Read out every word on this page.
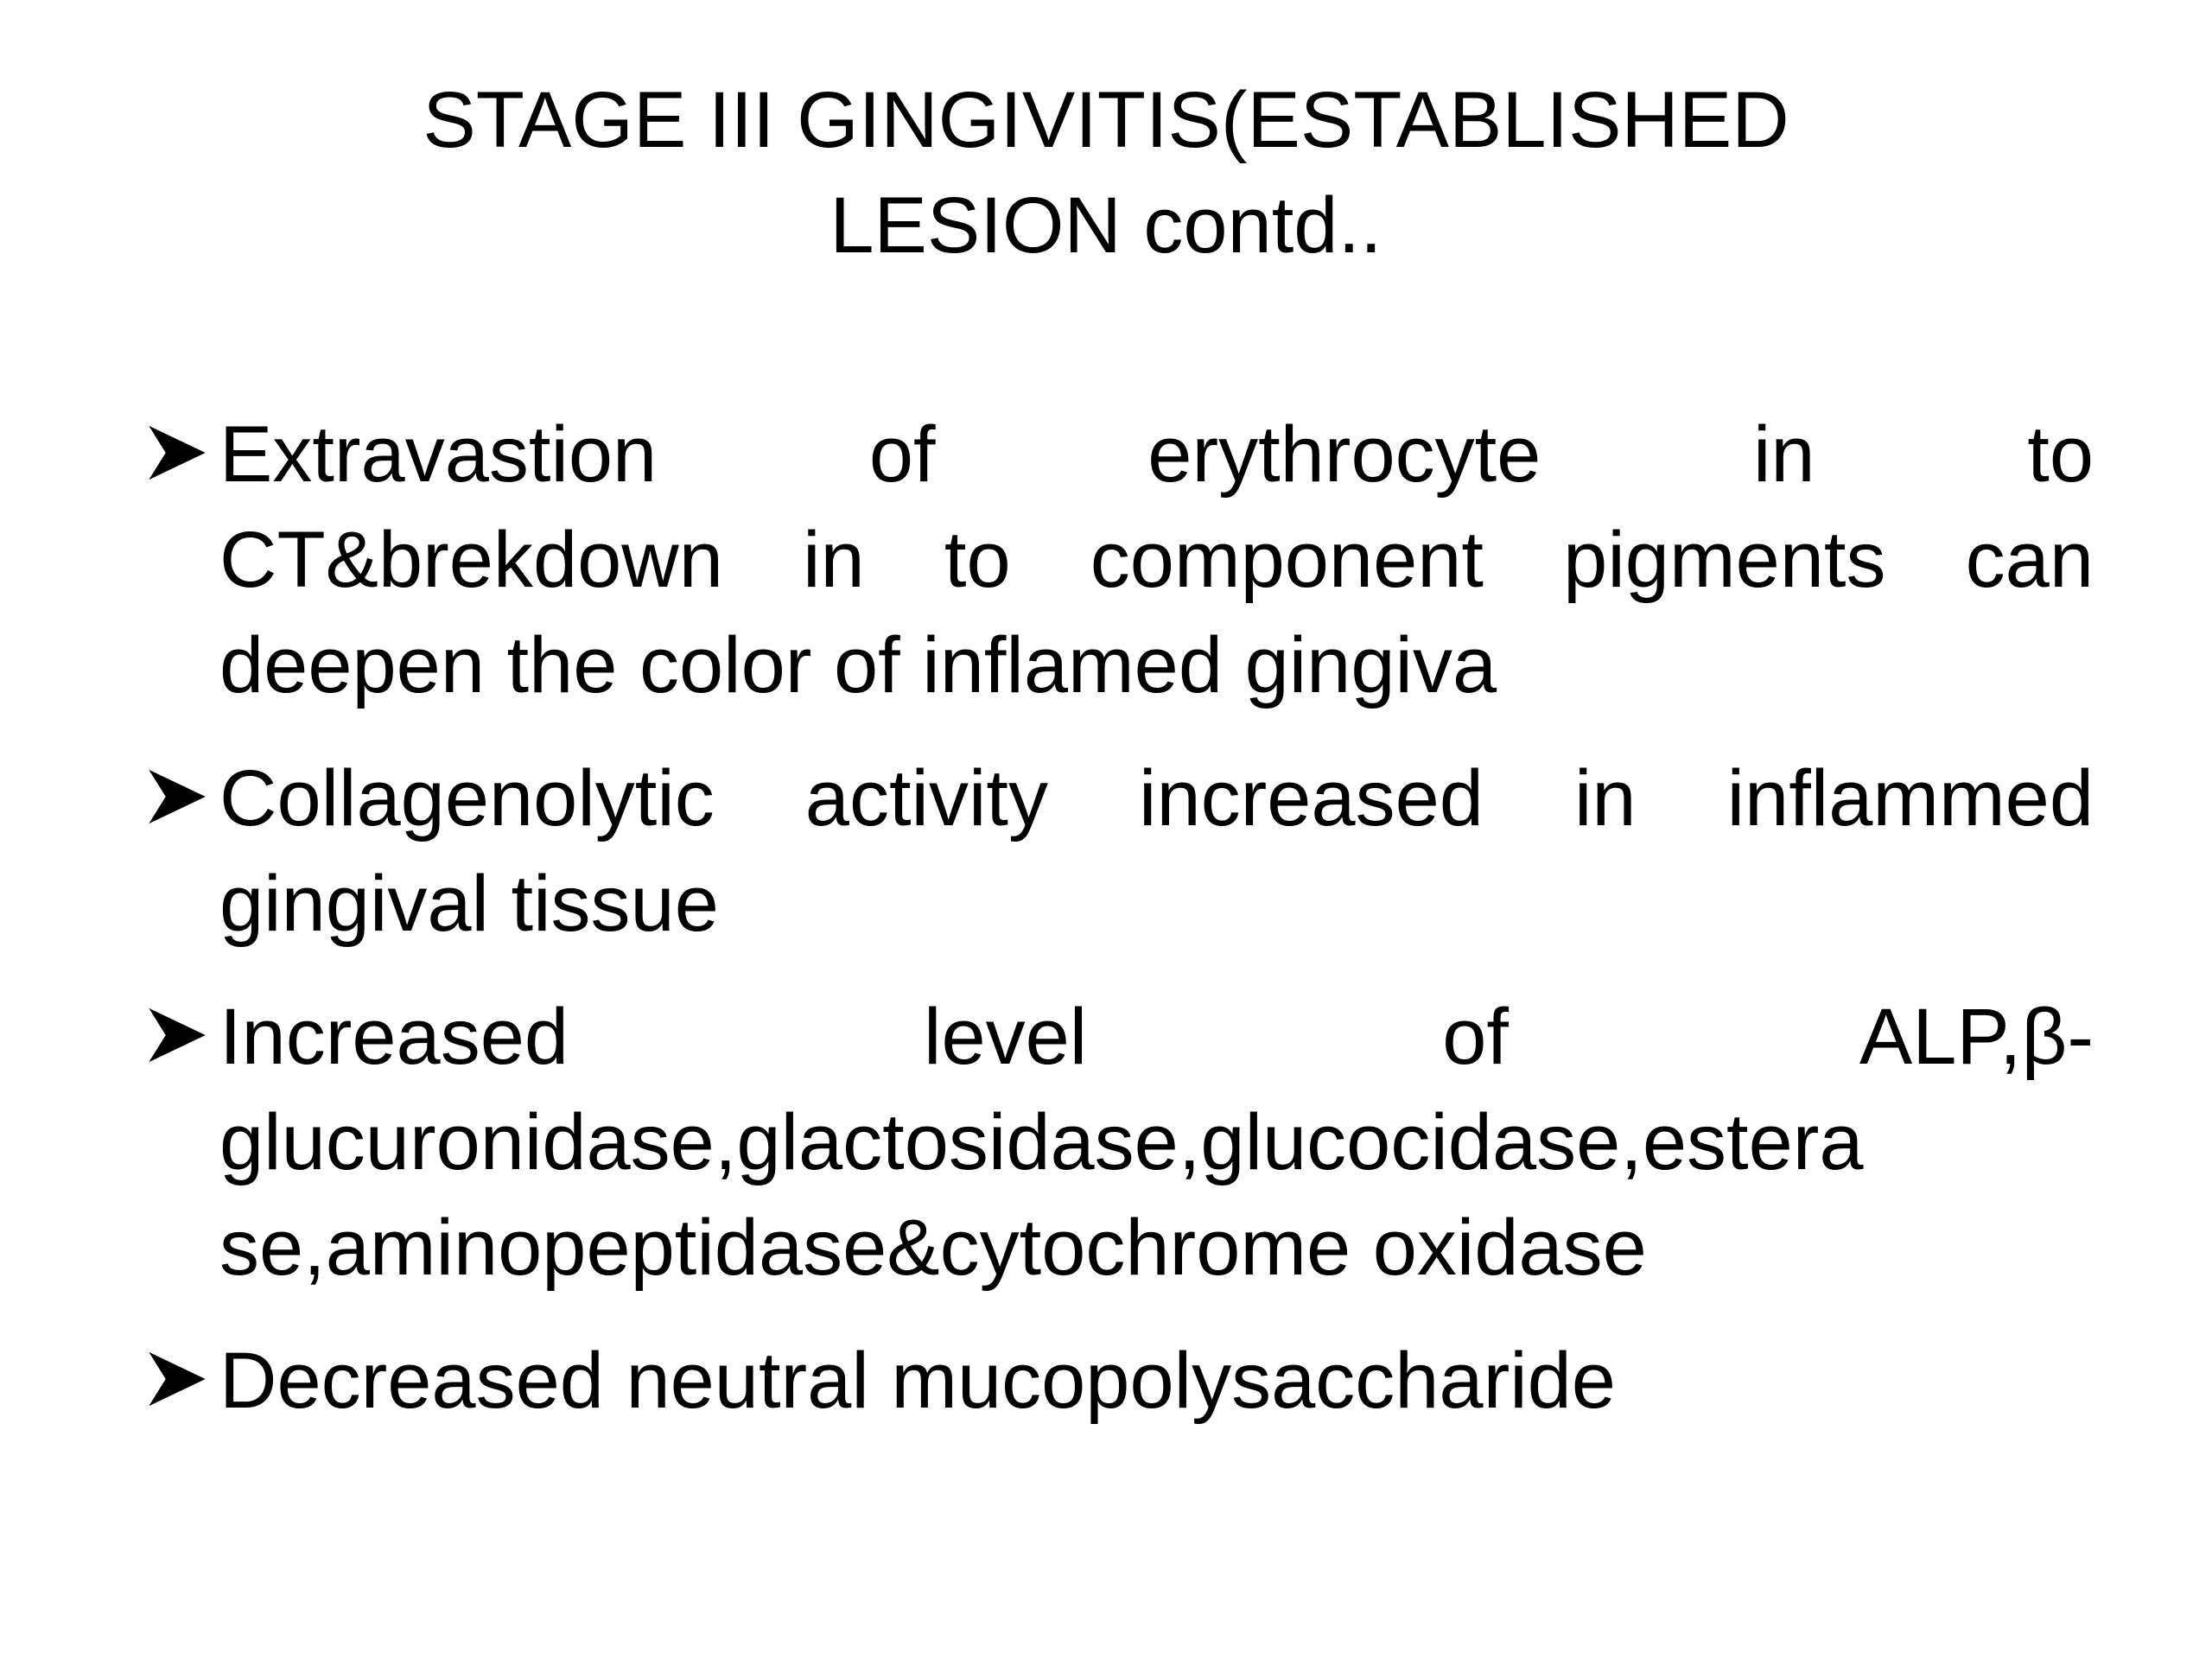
STAGE III GINGIVITIS(ESTABLISHED
LESION contd..
Extravastion of erythrocyte in to
CT&brekdown in to component pigments can
deepen the color of inflamed gingiva
Collagenolytic activity increased in inflammed
gingival tissue
Increased level of ALP,β-
glucuronidase,glactosidase,glucocidase,estera
se,aminopeptidase&cytochrome oxidase
Decreased neutral mucopolysaccharide
